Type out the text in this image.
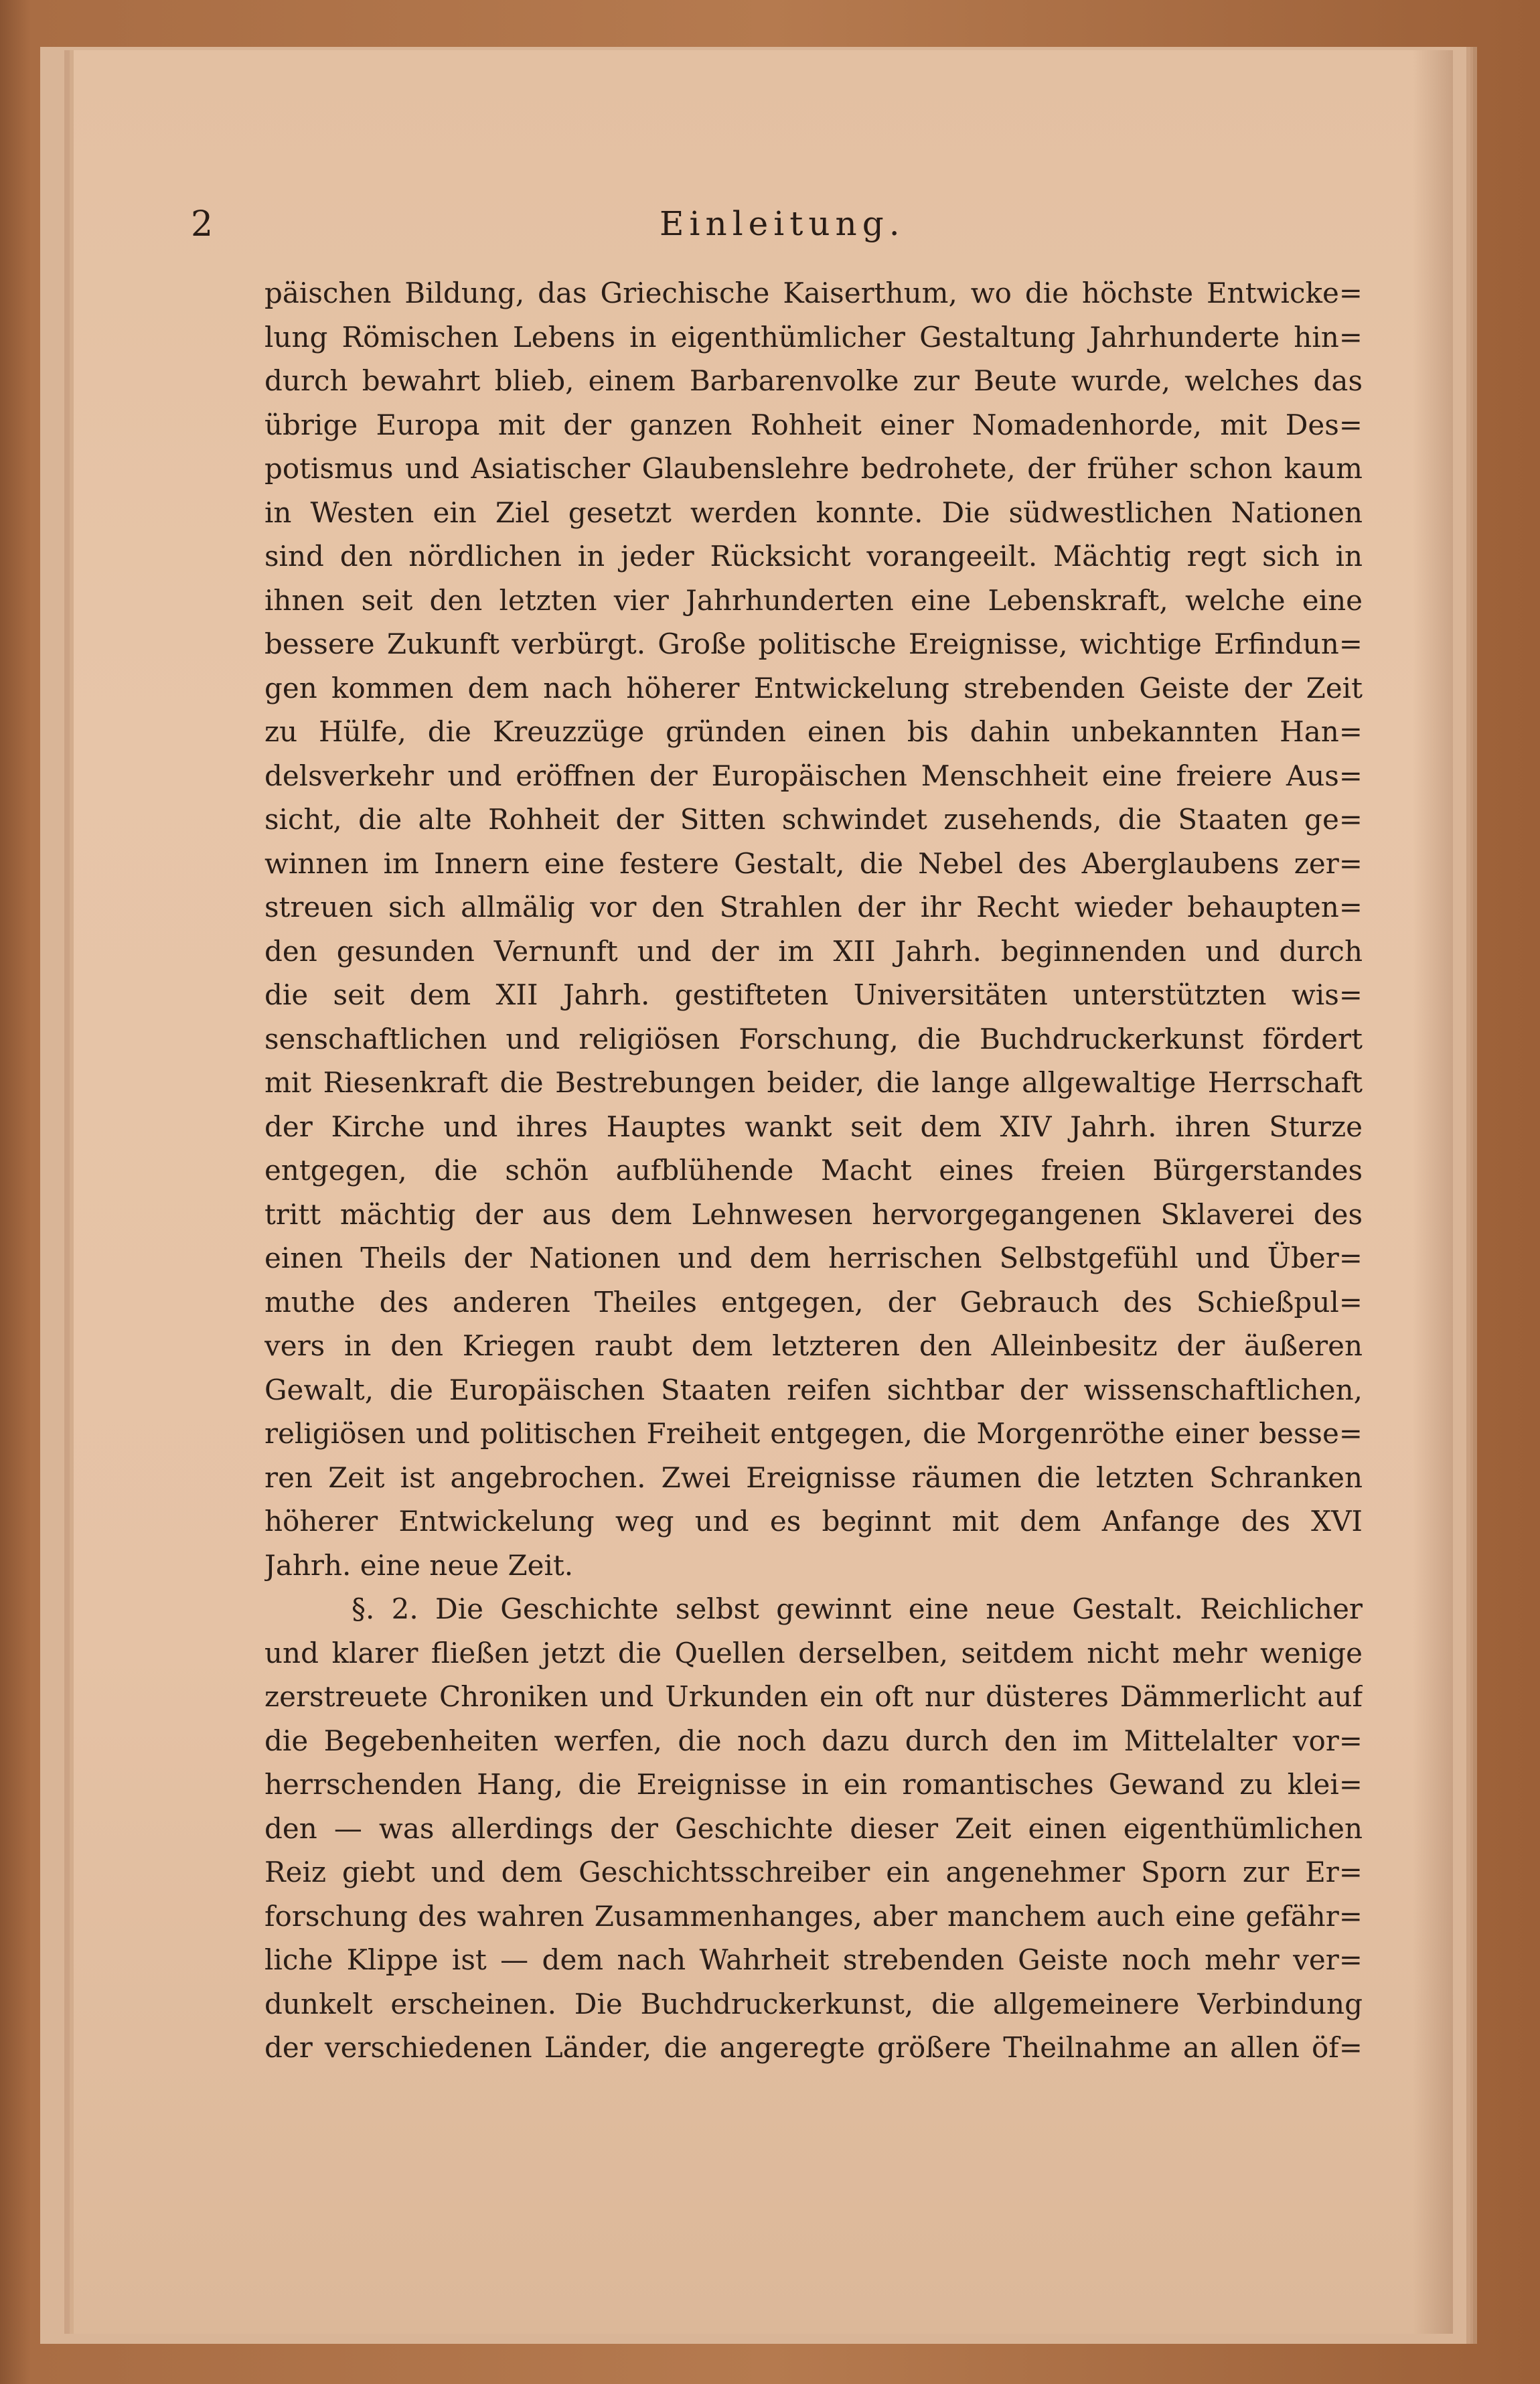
2	Einleitung.
päischen Bildung, das Griechische Kaiserthum, wo die höchste Entwicke=
lung Römischen Lebens in eigenthümlicher Gestaltung Jahrhunderte hin=
durch bewahrt blieb, einem Barbarenvolke zur Beute wurde, welches das
übrige Europa mit der ganzen Rohheit einer Nomadenhorde, mit Des=
potismus und Asiatischer Glaubenslehre bedrohete, der früher schon kaum
in Westen ein Ziel gesetzt werden konnte. Die südwestlichen Nationen
sind den nördlichen in jeder Rücksicht vorangeeilt. Mächtig regt sich in
ihnen seit den letzten vier Jahrhunderten eine Lebenskraft, welche eine
bessere Zukunft verbürgt. Große politische Ereignisse, wichtige Erfindun=
gen kommen dem nach höherer Entwickelung strebenden Geiste der Zeit
zu Hülfe, die Kreuzzüge gründen einen bis dahin unbekannten Han=
delsverkehr und eröffnen der Europäischen Menschheit eine freiere Aus=
sicht, die alte Rohheit der Sitten schwindet zusehends, die Staaten ge=
winnen im Innern eine festere Gestalt, die Nebel des Aberglaubens zer=
streuen sich allmälig vor den Strahlen der ihr Recht wieder behaupten=
den gesunden Vernunft und der im XII Jahrh. beginnenden und durch
die seit dem XII Jahrh. gestifteten Universitäten unterstützten wis=
senschaftlichen und religiösen Forschung, die Buchdruckerkunst fördert
mit Riesenkraft die Bestrebungen beider, die lange allgewaltige Herrschaft
der Kirche und ihres Hauptes wankt seit dem XIV Jahrh. ihren Sturze
entgegen, die schön aufblühende Macht eines freien Bürgerstandes
tritt mächtig der aus dem Lehnwesen hervorgegangenen Sklaverei des
einen Theils der Nationen und dem herrischen Selbstgefühl und Über=
muthe des anderen Theiles entgegen, der Gebrauch des Schießpul=
vers in den Kriegen raubt dem letzteren den Alleinbesitz der äußeren
Gewalt, die Europäischen Staaten reifen sichtbar der wissenschaftlichen,
religiösen und politischen Freiheit entgegen, die Morgenröthe einer besse=
ren Zeit ist angebrochen. Zwei Ereignisse räumen die letzten Schranken
höherer Entwickelung weg und es beginnt mit dem Anfange des XVI
Jahrh. eine neue Zeit.
§. 2. Die Geschichte selbst gewinnt eine neue Gestalt. Reichlicher
und klarer fließen jetzt die Quellen derselben, seitdem nicht mehr wenige
zerstreuete Chroniken und Urkunden ein oft nur düsteres Dämmerlicht auf
die Begebenheiten werfen, die noch dazu durch den im Mittelalter vor=
herrschenden Hang, die Ereignisse in ein romantisches Gewand zu klei=
den — was allerdings der Geschichte dieser Zeit einen eigenthümlichen
Reiz giebt und dem Geschichtsschreiber ein angenehmer Sporn zur Er=
forschung des wahren Zusammenhanges, aber manchem auch eine gefähr=
liche Klippe ist — dem nach Wahrheit strebenden Geiste noch mehr ver=
dunkelt erscheinen. Die Buchdruckerkunst, die allgemeinere Verbindung
der verschiedenen Länder, die angeregte größere Theilnahme an allen öf=
